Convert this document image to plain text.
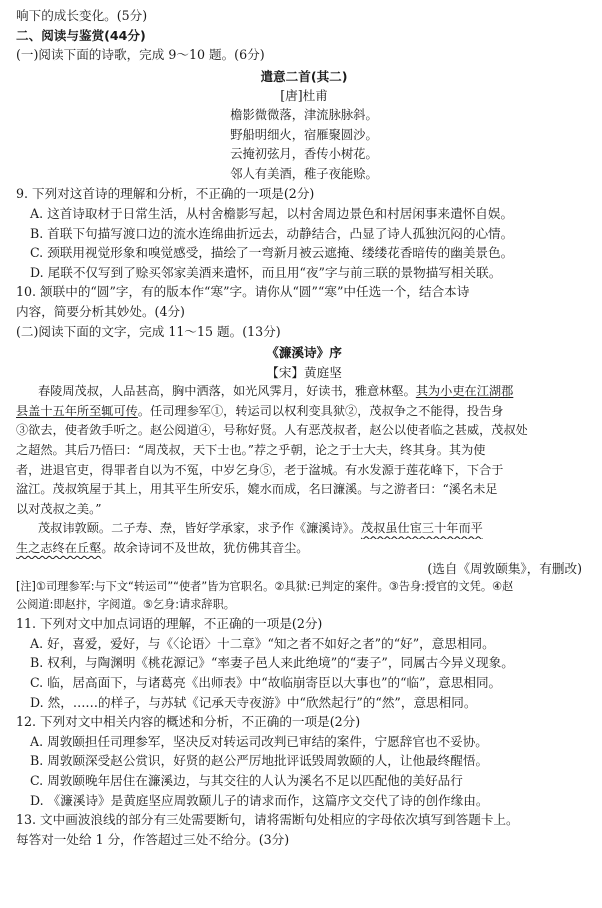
响下的成长变化。(5分)
二、阅读与鉴赏(44分)
(一)阅读下面的诗歌，完成 9～10 题。(6分)
遣意二首(其二)
[唐]杜甫
檐影微微落，津流脉脉斜。
野船明细火，宿雁聚圆沙。
云掩初弦月，香传小树花。
邻人有美酒，稚子夜能赊。
9. 下列对这首诗的理解和分析，不正确的一项是(2分)
A. 这首诗取材于日常生活，从村舍檐影写起，以村舍周边景色和村居闲事来遣怀自娱。
B. 首联下句描写渡口边的流水连绵曲折远去，动静结合，凸显了诗人孤独沉闷的心情。
C. 颈联用视觉形象和嗅觉感受，描绘了一弯新月被云遮掩、缕缕花香暗传的幽美景色。
D. 尾联不仅写到了赊买邻家美酒来遣怀，而且用“夜”字与前三联的景物描写相关联。
10. 颔联中的“圆”字，有的版本作“寒”字。请你从“圆”“寒”中任选一个，结合本诗
内容，简要分析其妙处。(4分)
(二)阅读下面的文字，完成 11～15 题。(13分)
《濂溪诗》序
【宋】黄庭坚
春陵周茂叔，人品甚高，胸中洒落，如光风霁月，好读书，雅意林壑。其为小吏在江湖郡
县盖十五年所至辄可传。任司理参军①，转运司以权利变具狱②，茂叔争之不能得，投告身
③欲去，使者敛手听之。赵公阅道④，号称好贤。人有恶茂叔者，赵公以使者临之甚威，茂叔处
之超然。其后乃悟曰：“周茂叔，天下士也。”荐之乎朝，论之于士大夫，终其身。其为使
者，进退官吏，得罪者自以为不冤，中岁乞身⑤，老于湓城。有水发源于莲花峰下，下合于
湓江。茂叔筑屋于其上，用其平生所安乐，媲水而成，名曰濂溪。与之游者曰：“溪名未足
以对茂叔之美。”
茂叔讳敦颐。二子寿、焘，皆好学承家，求予作《濂溪诗》。茂叔虽仕宦三十年而平
生之志终在丘壑。故余诗词不及世故，犹仿佛其音尘。
(选自《周敦颐集》，有删改)
[注]①司理参军:与下文“转运司”“使者”皆为官职名。②具狱:已判定的案件。③告身:授官的文凭。④赵
公阅道:即赵抃，字阅道。⑤乞身:请求辞职。
11. 下列对文中加点词语的理解，不正确的一项是(2分)
A. 好，喜爱，爱好，与《〈论语〉十二章》“知之者不如好之者”的“好”，意思相同。
B. 权利，与陶渊明《桃花源记》“率妻子邑人来此绝境”的“妻子”，同属古今异义现象。
C. 临，居高面下，与诸葛亮《出师表》中“故临崩寄臣以大事也”的“临”，意思相同。
D. 然，……的样子，与苏轼《记承天寺夜游》中“欣然起行”的“然”，意思相同。
12. 下列对文中相关内容的概述和分析，不正确的一项是(2分)
A. 周敦颐担任司理参军，坚决反对转运司改判已审结的案件，宁愿辞官也不妥协。
B. 周敦颐深受赵公赏识，好贤的赵公严厉地批评诋毁周敦颐的人，让他最终醒悟。
C. 周敦颐晚年居住在濂溪边，与其交往的人认为溪名不足以匹配他的美好品行
D. 《濂溪诗》是黄庭坚应周敦颐儿子的请求而作，这篇序文交代了诗的创作缘由。
13. 文中画波浪线的部分有三处需要断句，请将需断句处相应的字母依次填写到答题卡上。
每答对一处给 1 分，作答超过三处不给分。(3分)
